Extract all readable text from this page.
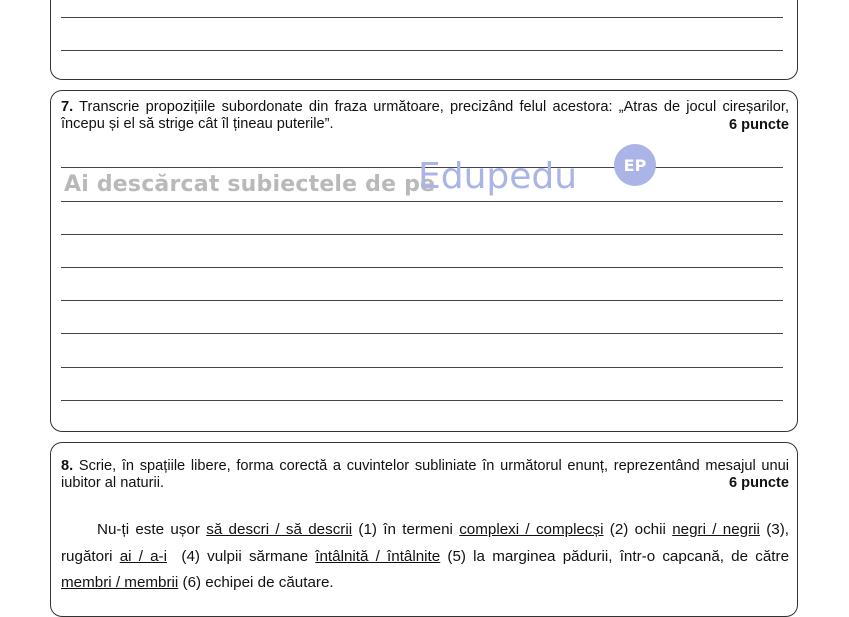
7. Transcrie propozițiile subordonate din fraza următoare, precizând felul acestora: „Atras de jocul cireșarilor, începu și el să strige cât îl țineau puterile”.	6 puncte
Ai descărcat subiectele de pe
Edupedu	EP
8. Scrie, în spațiile libere, forma corectă a cuvintelor subliniate în următorul enunț, reprezentând mesajul unui iubitor al naturii.	6 puncte
Nu-ți este ușor să descri / să descrii (1) în termeni complexi / complecși (2) ochii negri / negrii (3), rugători ai / a-i  (4) vulpii sărmane întâlnită / întâlnite (5) la marginea pădurii, într-o capcană, de către membri / membrii (6) echipei de căutare.
